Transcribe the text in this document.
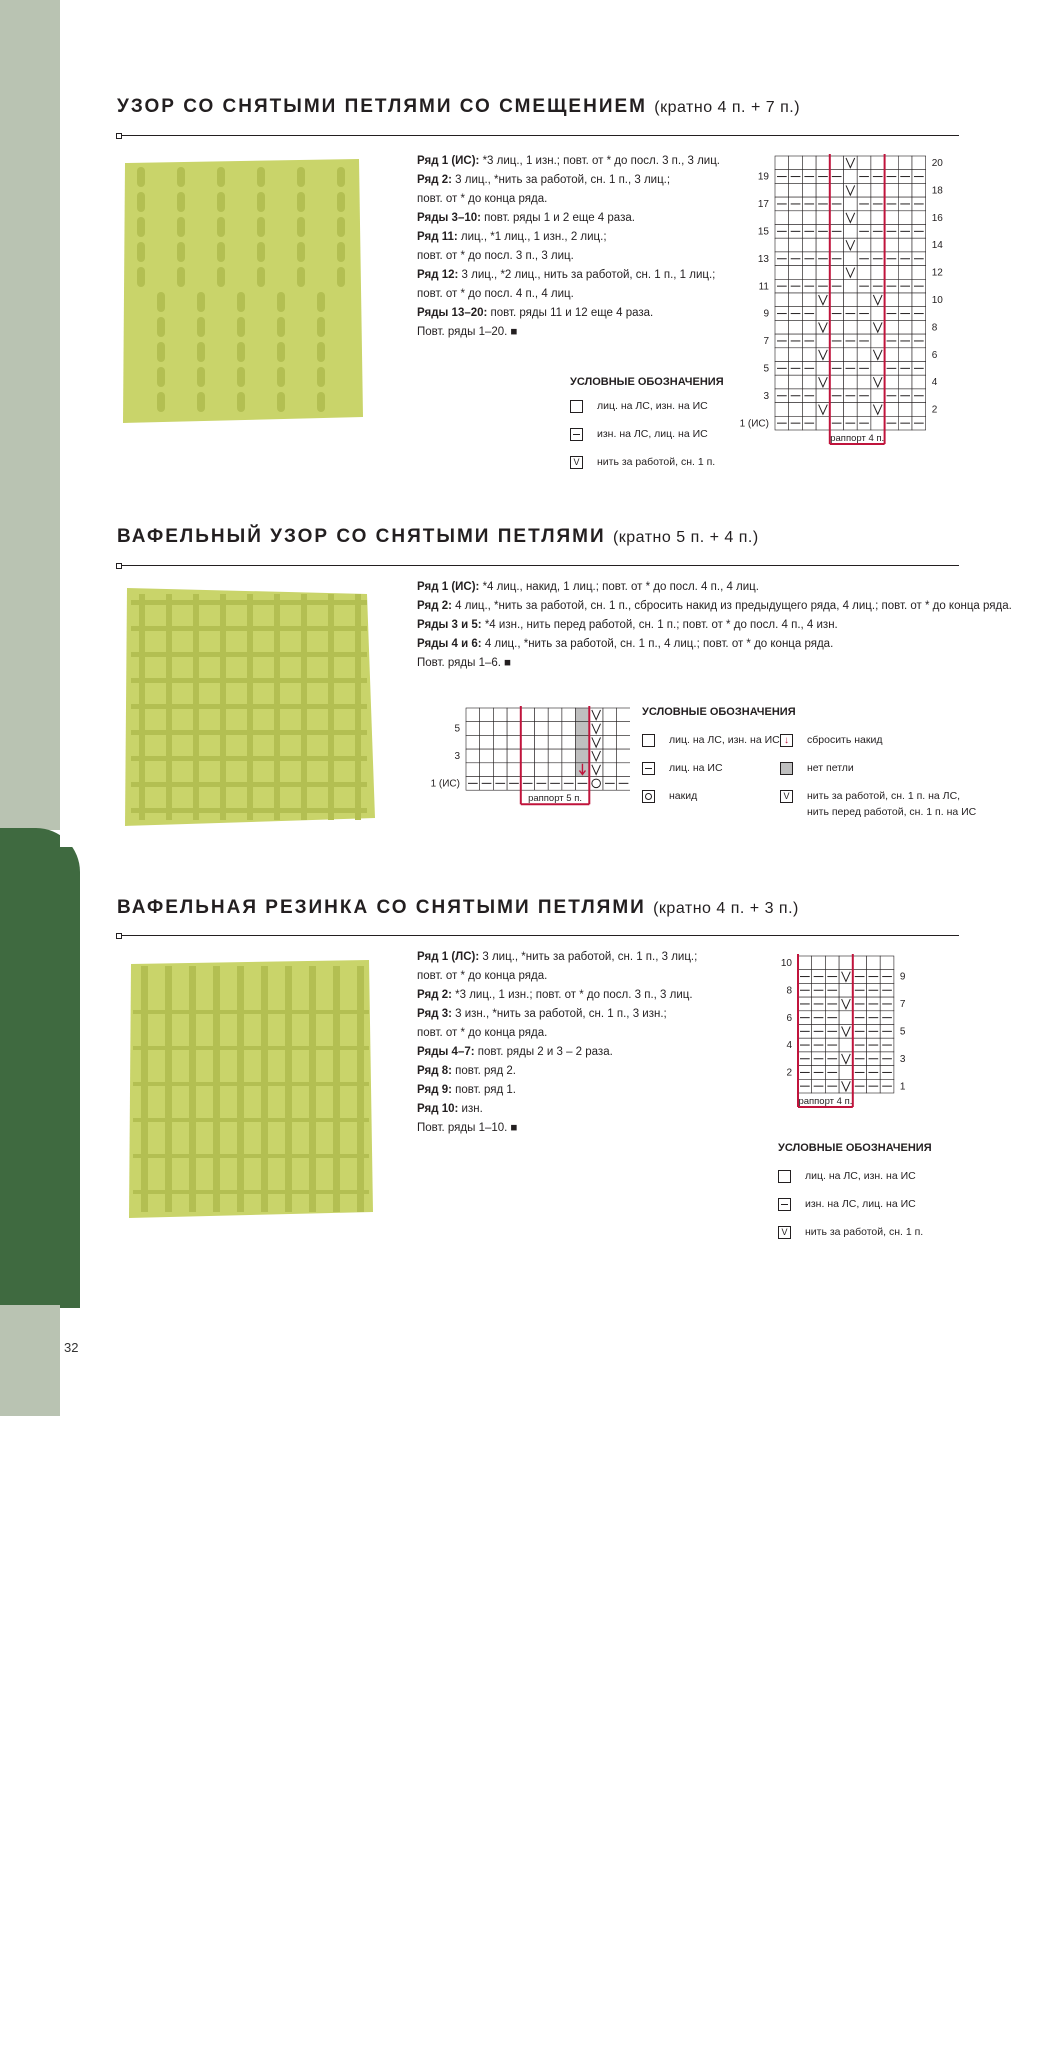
ГЛАВА 1 • ЛИЦЕВЫЕ И ИЗНАНОЧНЫЕ
32
УЗОР СО СНЯТЫМИ ПЕТЛЯМИ СО СМЕЩЕНИЕМ (кратно 4 п. + 7 п.)
Ряд 1 (ИС): *3 лиц., 1 изн.; повт. от * до посл. 3 п., 3 лиц.
Ряд 2: 3 лиц., *нить за работой, сн. 1 п., 3 лиц.;
повт. от * до конца ряда.
Ряды 3–10: повт. ряды 1 и 2 еще 4 раза.
Ряд 11: лиц., *1 лиц., 1 изн., 2 лиц.;
повт. от * до посл. 3 п., 3 лиц.
Ряд 12: 3 лиц., *2 лиц., нить за работой, сн. 1 п., 1 лиц.;
повт. от * до посл. 4 п., 4 лиц.
Ряды 13–20: повт. ряды 11 и 12 еще 4 раза.
Повт. ряды 1–20. ■
УСЛОВНЫЕ ОБОЗНАЧЕНИЯ
лиц. на ЛС, изн. на ИС
изн. на ЛС, лиц. на ИС
V	нить за работой, сн. 1 п.
раппорт 4 п.
19
17
15
13
11
9
7
5
3
1 (ИС)
20
18
16
14
12
10
8
6
4
2
ВАФЕЛЬНЫЙ УЗОР СО СНЯТЫМИ ПЕТЛЯМИ (кратно 5 п. + 4 п.)
Ряд 1 (ИС): *4 лиц., накид, 1 лиц.; повт. от * до посл. 4 п., 4 лиц.
Ряд 2: 4 лиц., *нить за работой, сн. 1 п., сбросить накид из предыдущего ряда, 4 лиц.; повт. от * до конца ряда.
Ряды 3 и 5: *4 изн., нить перед работой, сн. 1 п.; повт. от * до посл. 4 п., 4 изн.
Ряды 4 и 6: 4 лиц., *нить за работой, сн. 1 п., 4 лиц.; повт. от * до конца ряда.
Повт. ряды 1–6. ■
УСЛОВНЫЕ ОБОЗНАЧЕНИЯ
лиц. на ЛС, изн. на ИС
лиц. на ИС
накид
↓	сбросить накид
нет петли
V	нить за работой, сн. 1 п. на ЛС,
нить перед работой, сн. 1 п. на ИС
раппорт 5 п.
5
3
1 (ИС)
ВАФЕЛЬНАЯ РЕЗИНКА СО СНЯТЫМИ ПЕТЛЯМИ (кратно 4 п. + 3 п.)
Ряд 1 (ЛС): 3 лиц., *нить за работой, сн. 1 п., 3 лиц.;
повт. от * до конца ряда.
Ряд 2: *3 лиц., 1 изн.; повт. от * до посл. 3 п., 3 лиц.
Ряд 3: 3 изн., *нить за работой, сн. 1 п., 3 изн.;
повт. от * до конца ряда.
Ряды 4–7: повт. ряды 2 и 3 – 2 раза.
Ряд 8: повт. ряд 2.
Ряд 9: повт. ряд 1.
Ряд 10: изн.
Повт. ряды 1–10. ■
УСЛОВНЫЕ ОБОЗНАЧЕНИЯ
лиц. на ЛС, изн. на ИС
изн. на ЛС, лиц. на ИС
V	нить за работой, сн. 1 п.
раппорт 4 п.
10
8
6
4
2
9
7
5
3
1
